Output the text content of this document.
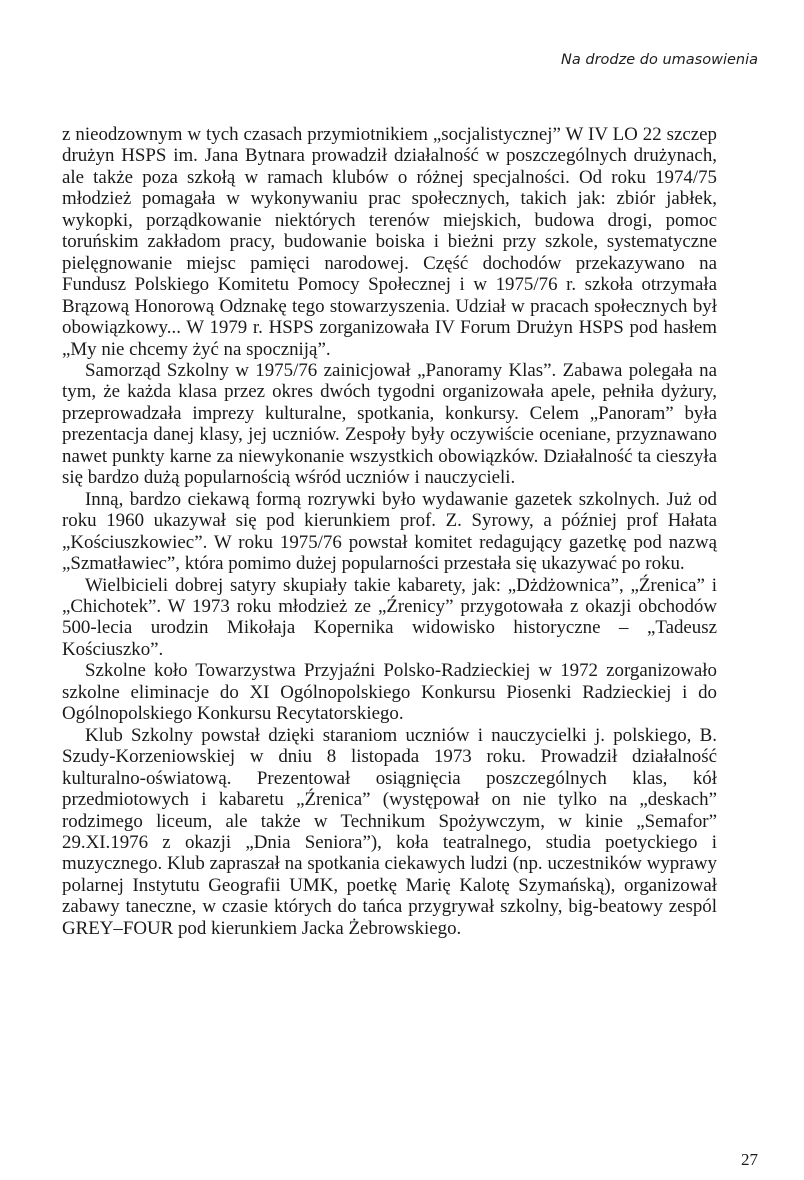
Na drodze do umasowienia

z nieodzownym w tych czasach przymiotnikiem „socjalistycznej” W IV LO 22 szczep drużyn HSPS im. Jana Bytnara prowadził działalność w poszczególnych drużynach, ale także poza szkołą w ramach klubów o różnej specjalności. Od roku 1974/75 młodzież pomagała w wykonywaniu prac społecznych, takich jak: zbiór jabłek, wykopki, porządkowanie niektórych terenów miejskich, budowa drogi, pomoc toruńskim zakładom pracy, budowanie boiska i bieżni przy szkole, systematyczne pielęgnowanie miejsc pamięci narodowej. Część dochodów przekazywano na Fundusz Polskiego Komitetu Pomocy Społecznej i w 1975/76 r. szkoła otrzymała Brązową Honorową Odznakę tego stowarzyszenia. Udział w pracach społecznych był obowiązkowy... W 1979 r. HSPS zorganizowała IV Forum Drużyn HSPS pod hasłem „My nie chcemy żyć na spoczniją”.

Samorząd Szkolny w 1975/76 zainicjował „Panoramy Klas”. Zabawa polegała na tym, że każda klasa przez okres dwóch tygodni organizowała apele, pełniła dyżury, przeprowadzała imprezy kulturalne, spotkania, konkursy. Celem „Panoram” była prezentacja danej klasy, jej uczniów. Zespoły były oczywiście oceniane, przyznawano nawet punkty karne za niewykonanie wszystkich obowiązków. Działalność ta cieszyła się bardzo dużą popularnością wśród uczniów i nauczycieli.

Inną, bardzo ciekawą formą rozrywki było wydawanie gazetek szkolnych. Już od roku 1960 ukazywał się pod kierunkiem prof. Z. Syrowy, a później prof Hałata „Kościuszkowiec”. W roku 1975/76 powstał komitet redagujący gazetkę pod nazwą „Szmatławiec”, która pomimo dużej popularności przestała się ukazywać po roku.

Wielbicieli dobrej satyry skupiały takie kabarety, jak: „Dżdżownica”, „Źrenica” i „Chichotek”. W 1973 roku młodzież ze „Źrenicy” przygotowała z okazji obchodów 500-lecia urodzin Mikołaja Kopernika widowisko historyczne – „Tadeusz Kościuszko”.

Szkolne koło Towarzystwa Przyjaźni Polsko-Radzieckiej w 1972 zorganizowało szkolne eliminacje do XI Ogólnopolskiego Konkursu Piosenki Radzieckiej i do Ogólnopolskiego Konkursu Recytatorskiego.

Klub Szkolny powstał dzięki staraniom uczniów i nauczycielki j. polskiego, B. Szudy-Korzeniowskiej w dniu 8 listopada 1973 roku. Prowadził działalność kulturalno-oświatową. Prezentował osiągnięcia poszczególnych klas, kół przedmiotowych i kabaretu „Źrenica” (występował on nie tylko na „deskach” rodzimego liceum, ale także w Technikum Spożywczym, w kinie „Semafor” 29.XI.1976 z okazji „Dnia Seniora”), koła teatralnego, studia poetyckiego i muzycznego. Klub zapraszał na spotkania ciekawych ludzi (np. uczestników wyprawy polarnej Instytutu Geografii UMK, poetkę Marię Kalotę Szymańską), organizował zabawy taneczne, w czasie których do tańca przygrywał szkolny, big-beatowy zespól GREY–FOUR pod kierunkiem Jacka Żebrowskiego.

27
